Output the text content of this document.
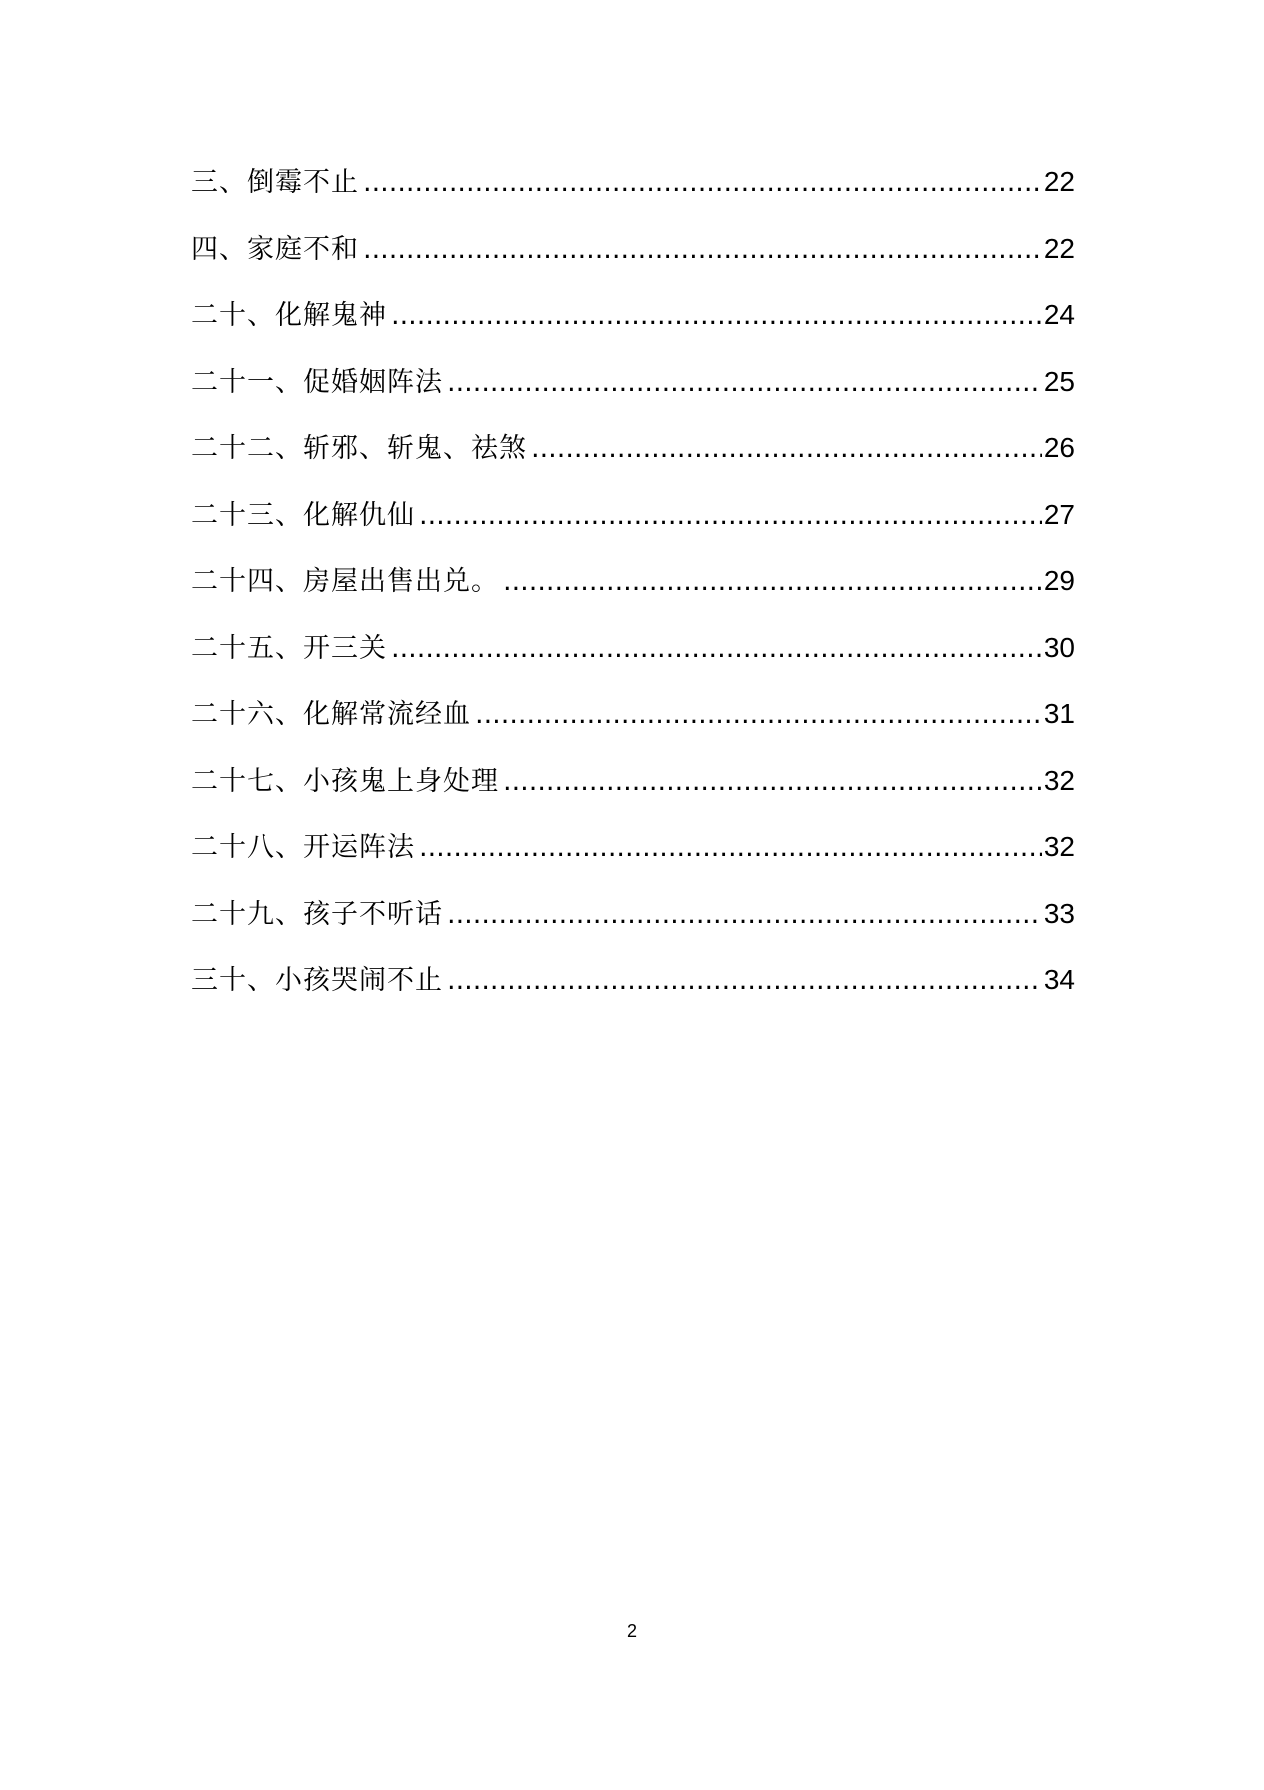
三、倒霉不止 .....	22
四、家庭不和 .....	22
二十、化解鬼神 .....	24
二十一、促婚姻阵法 .....	25
二十二、斩邪、斩鬼、祛煞 .....	26
二十三、化解仇仙 .....	27
二十四、房屋出售出兑。 .....	29
二十五、开三关 .....	30
二十六、化解常流经血 .....	31
二十七、小孩鬼上身处理 .....	32
二十八、开运阵法 .....	32
二十九、孩子不听话 .....	33
三十、小孩哭闹不止 .....	34
2
